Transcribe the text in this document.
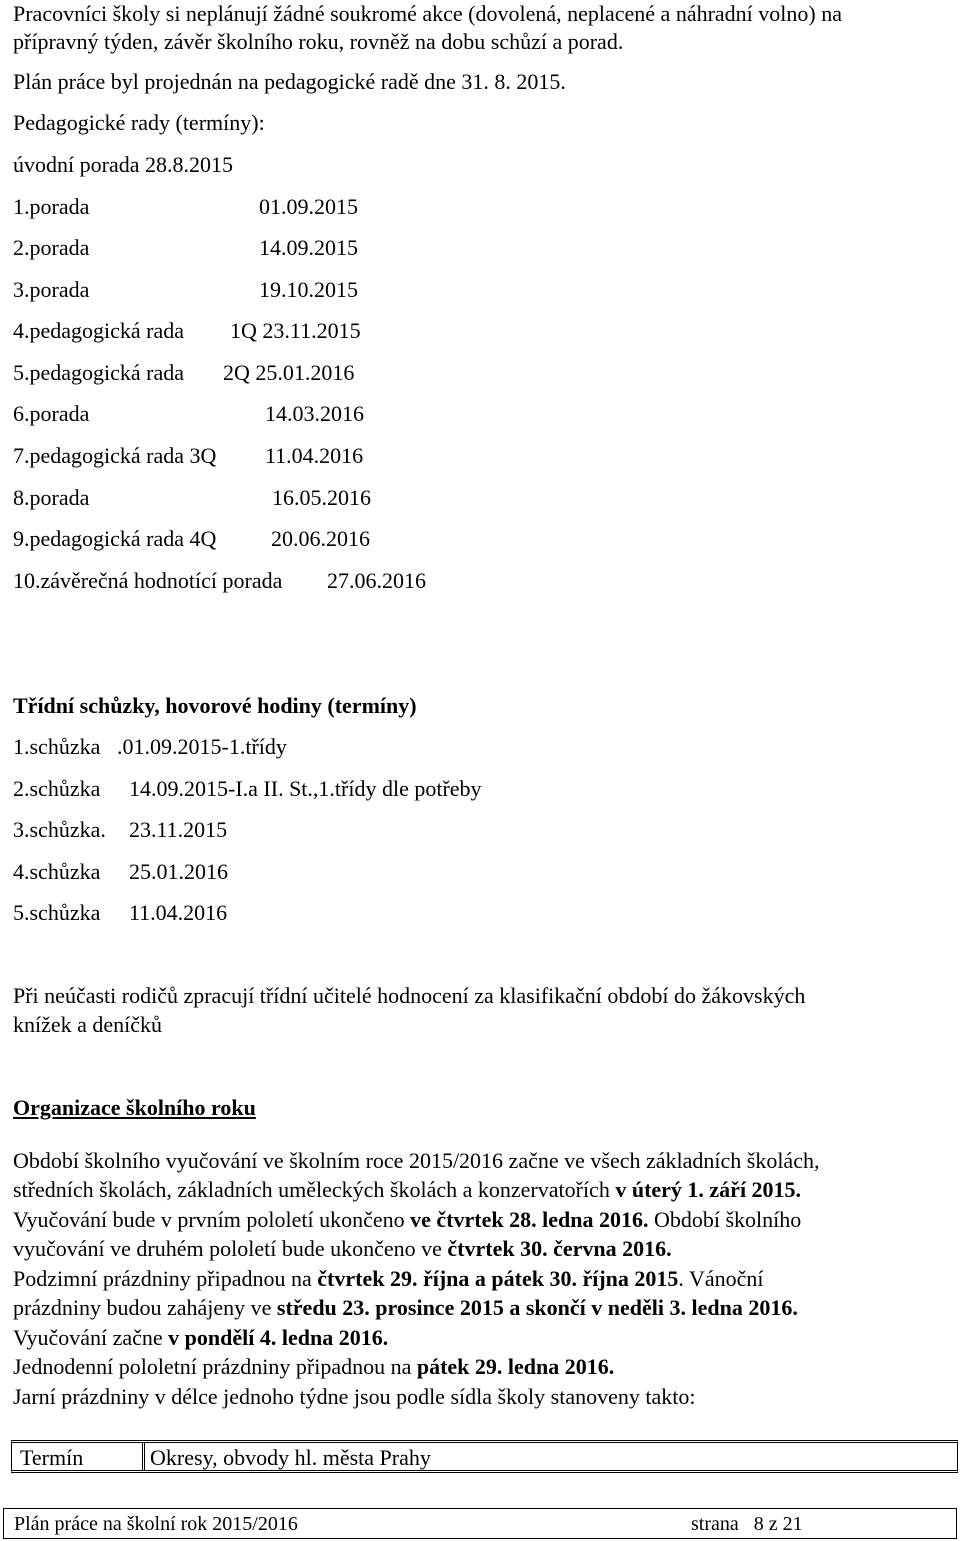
Pracovníci školy si neplánují žádné soukromé akce (dovolená, neplacené a náhradní volno) na
přípravný týden, závěr školního roku, rovněž na dobu schůzí a porad.
Plán práce byl projednán na pedagogické radě dne 31. 8. 2015.
Pedagogické rady (termíny):
úvodní porada 28.8.2015
1.porada	01.09.2015
2.porada	14.09.2015
3.porada	19.10.2015
4.pedagogická rada 1Q 23.11.2015
5.pedagogická rada 2Q 25.01.2016
6.porada	14.03.2016
7.pedagogická rada 3Q 11.04.2016
8.porada	16.05.2016
9.pedagogická rada 4Q 20.06.2016
10.závěrečná hodnotící porada 27.06.2016
Třídní schůzky, hovorové hodiny (termíny)
1.schůzka .01.09.2015-1.třídy
2.schůzka 14.09.2015-I.a II. St.,1.třídy dle potřeby
3.schůzka. 23.11.2015
4.schůzka 25.01.2016
5.schůzka 11.04.2016
Při neúčasti rodičů zpracují třídní učitelé hodnocení za klasifikační období do žákovských
knížek a deníčků
Organizace školního roku
Období školního vyučování ve školním roce 2015/2016 začne ve všech základních školách,
středních školách, základních uměleckých školách a konzervatořích v úterý 1. září 2015.
Vyučování bude v prvním pololetí ukončeno ve čtvrtek 28. ledna 2016. Období školního
vyučování ve druhém pololetí bude ukončeno ve čtvrtek 30. června 2016.
Podzimní prázdniny připadnou na čtvrtek 29. října a pátek 30. října 2015. Vánoční
prázdniny budou zahájeny ve středu 23. prosince 2015 a skončí v neděli 3. ledna 2016.
Vyučování začne v pondělí 4. ledna 2016.
Jednodenní pololetní prázdniny připadnou na pátek 29. ledna 2016.
Jarní prázdniny v délce jednoho týdne jsou podle sídla školy stanoveny takto:
Termín	Okresy, obvody hl. města Prahy
Plán práce na školní rok 2015/2016	strana   8 z 21
